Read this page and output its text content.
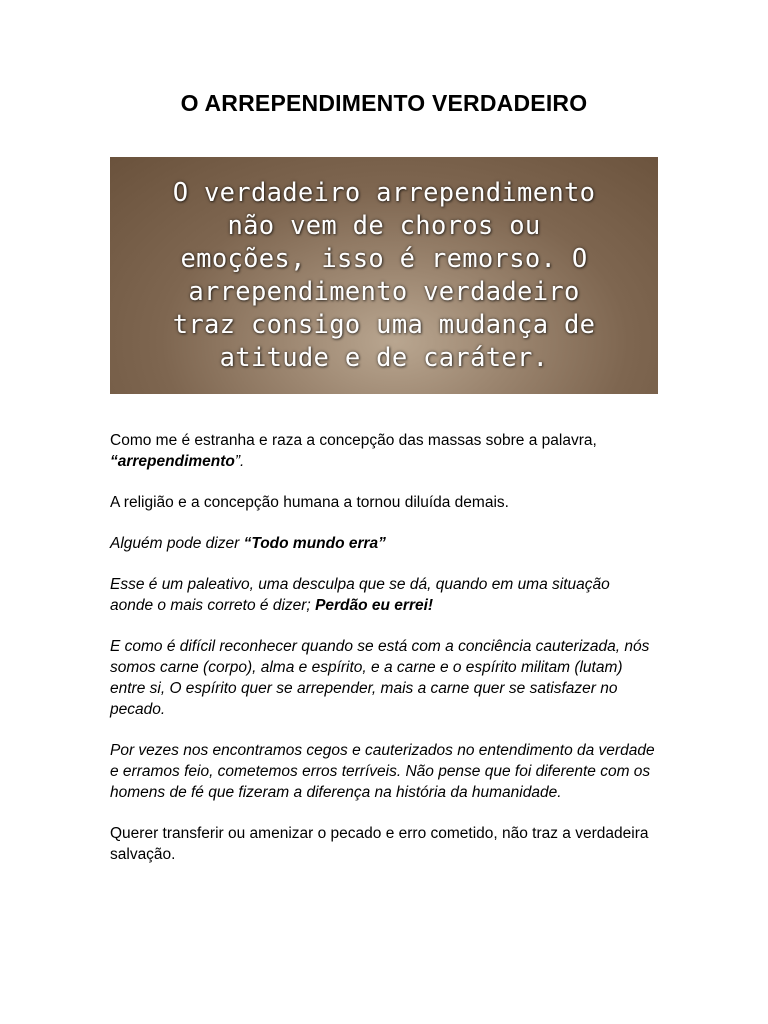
O ARREPENDIMENTO VERDADEIRO

O verdadeiro arrependimento
não vem de choros ou
emoções, isso é remorso. O
arrependimento verdadeiro
traz consigo uma mudança de
atitude e de caráter.

Como me é estranha e raza a concepção das massas sobre a palavra, “arrependimento”.

A religião e a concepção humana a tornou diluída demais.

Alguém pode dizer “Todo mundo erra”

Esse é um paleativo, uma desculpa que se dá, quando em uma situação aonde o mais correto é dizer; Perdão eu errei!

E como é difícil reconhecer quando se está com a conciência cauterizada, nós somos carne (corpo), alma e espírito, e a carne e o espírito militam (lutam) entre si, O espírito quer se arrepender, mais a carne quer se satisfazer no pecado.

Por vezes nos encontramos cegos e cauterizados no entendimento da verdade e erramos feio, cometemos erros terríveis. Não pense que foi diferente com os homens de fé que fizeram a diferença na história da humanidade.

Querer transferir ou amenizar o pecado e erro cometido, não traz a verdadeira salvação.
